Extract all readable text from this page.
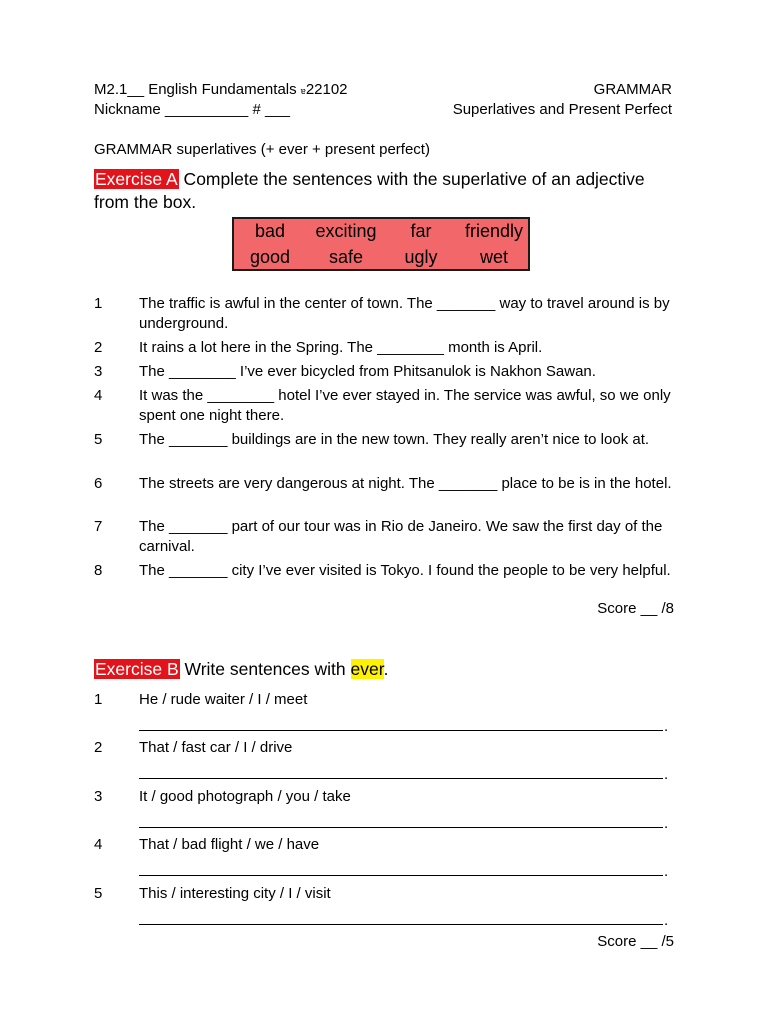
M2.1__ English Fundamentals ɐ22102	GRAMMAR
Nickname __________ # ___	Superlatives and Present Perfect
GRAMMAR superlatives (+ ever + present perfect)
Exercise A Complete the sentences with the superlative of an adjective
from the box.
bad exciting far friendly
good safe ugly wet
1	The traffic is awful in the center of town. The _______ way to travel around is by underground.
2	It rains a lot here in the Spring. The ________ month is April.
3	The ________ I’ve ever bicycled from Phitsanulok is Nakhon Sawan.
4	It was the ________ hotel I’ve ever stayed in. The service was awful, so we only spent one night there.
5	The _______ buildings are in the new town. They really aren’t nice to look at.
6	The streets are very dangerous at night. The _______ place to be is in the hotel.
7	The _______ part of our tour was in Rio de Janeiro. We saw the first day of the carnival.
8	The _______ city I’ve ever visited is Tokyo. I found the people to be very helpful.
Score __ /8
Exercise B Write sentences with ever.
1	He / rude waiter / I / meet
.
2	That / fast car / I / drive
.
3	It / good photograph / you / take
.
4	That / bad flight / we / have
.
5	This / interesting city / I / visit
.
Score __ /5
